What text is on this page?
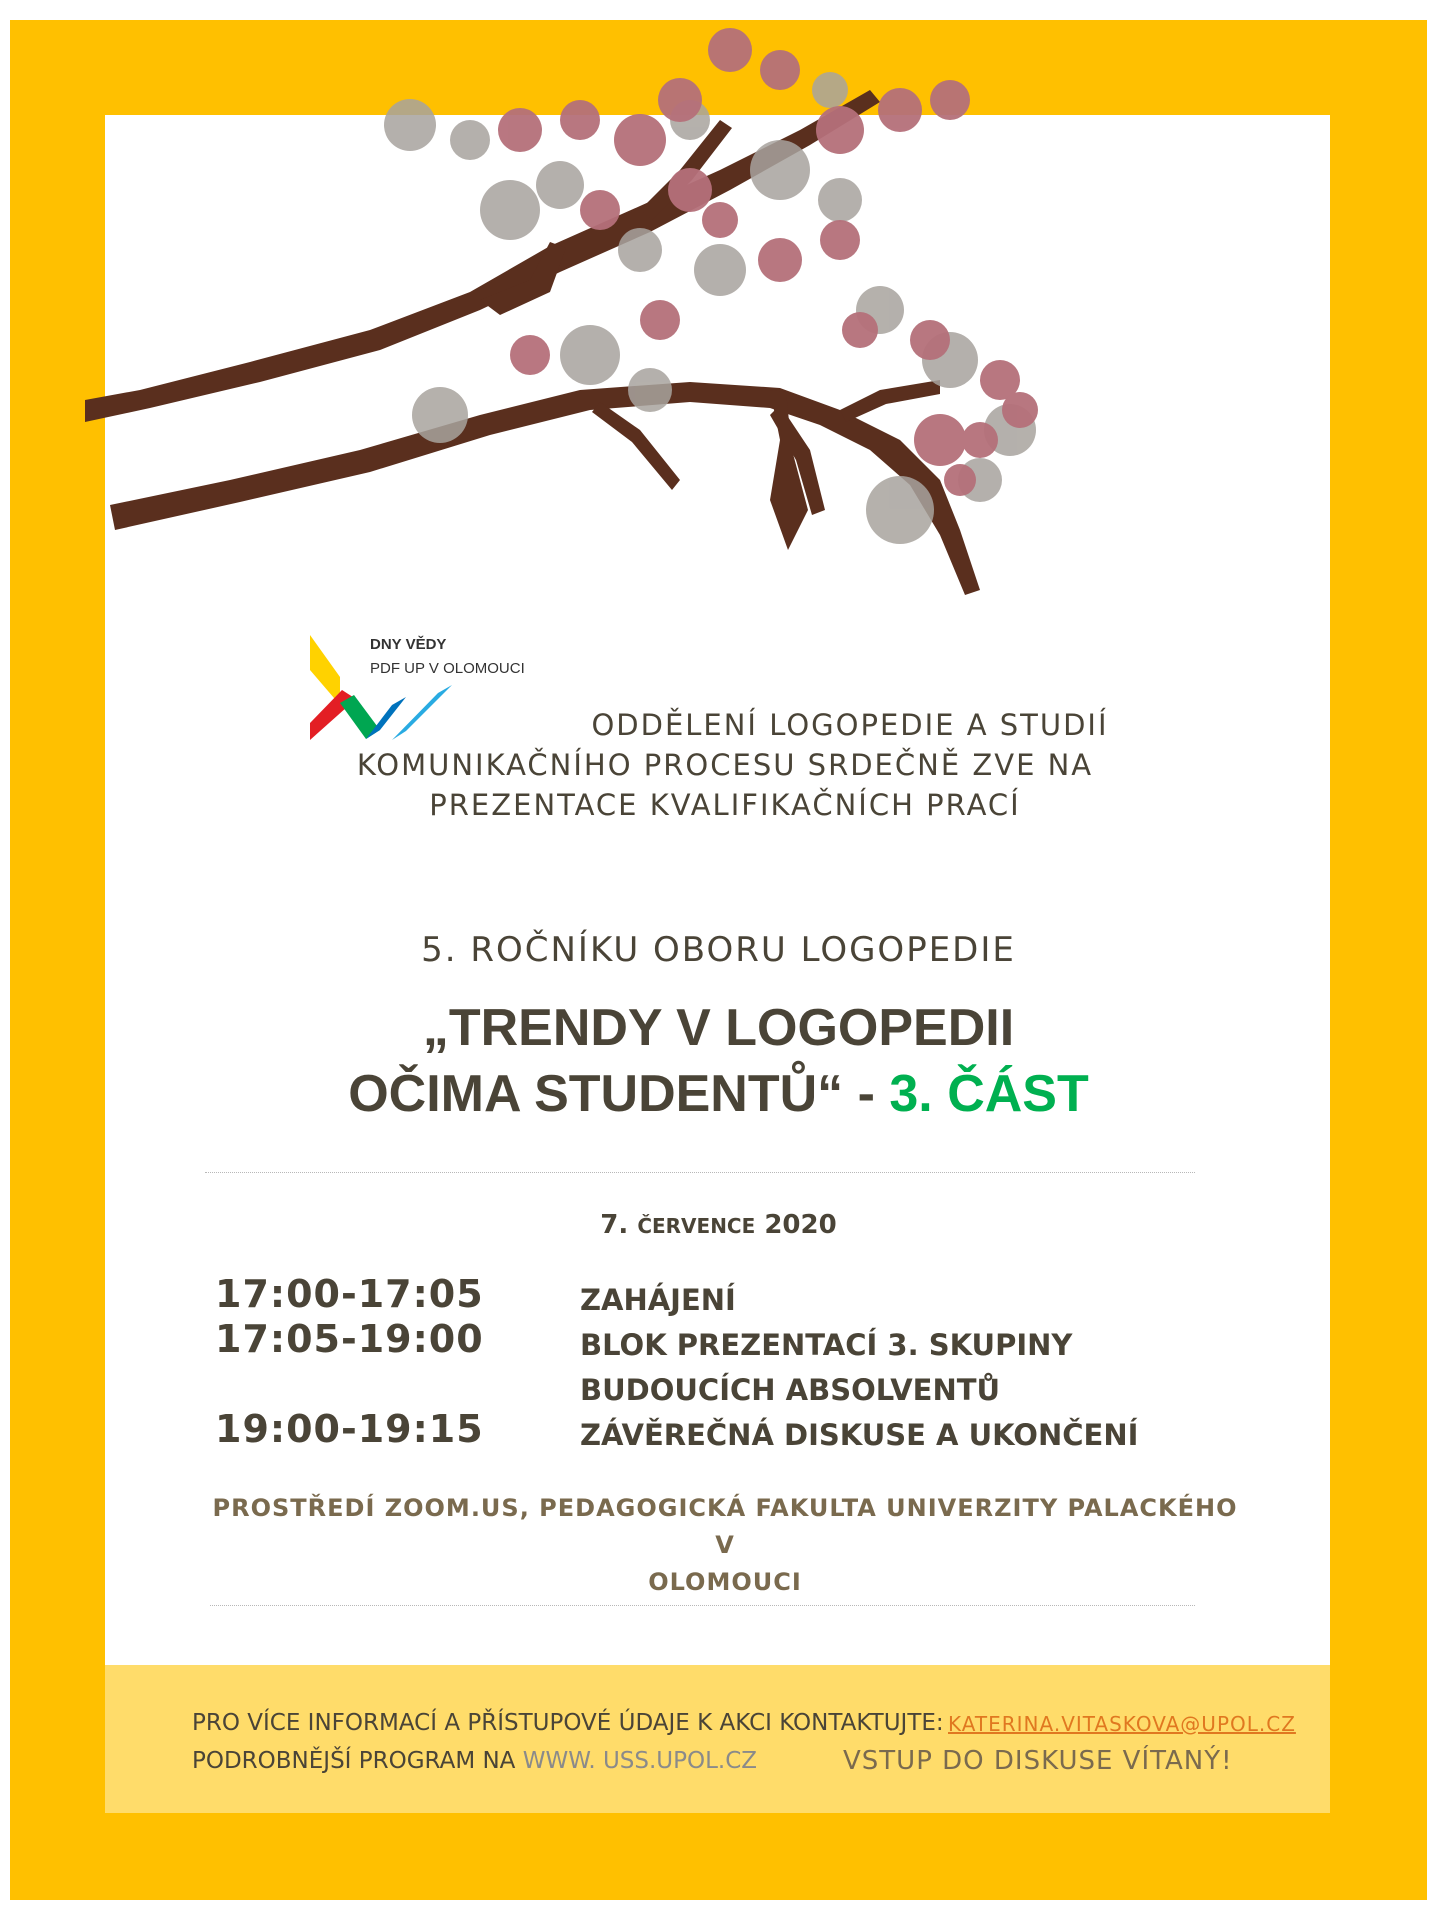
DNY VĚDY
PDF UP V OLOMOUCI
ODDĚLENÍ LOGOPEDIE A STUDIÍ
KOMUNIKAČNÍHO PROCESU SRDEČNĚ ZVE NA
PREZENTACE KVALIFIKAČNÍCH PRACÍ
5. ROČNÍKU OBORU LOGOPEDIE
„TRENDY V LOGOPEDII
OČIMA STUDENTŮ“ - 3. ČÁST
7. ČERVENCE 2020
17:00-17:05	ZAHÁJENÍ
17:05-19:00	BLOK PREZENTACÍ 3. SKUPINY BUDOUCÍCH ABSOLVENTŮ
19:00-19:15	ZÁVĚREČNÁ DISKUSE A UKONČENÍ
PROSTŘEDÍ ZOOM.US, PEDAGOGICKÁ FAKULTA UNIVERZITY PALACKÉHO V
OLOMOUCI
PRO VÍCE INFORMACÍ A PŘÍSTUPOVÉ ÚDAJE K AKCI KONTAKTUJTE: KATERINA.VITASKOVA@UPOL.CZ
PODROBNĚJŠÍ PROGRAM NA WWW. USS.UPOL.CZ	VSTUP DO DISKUSE VÍTANÝ!
